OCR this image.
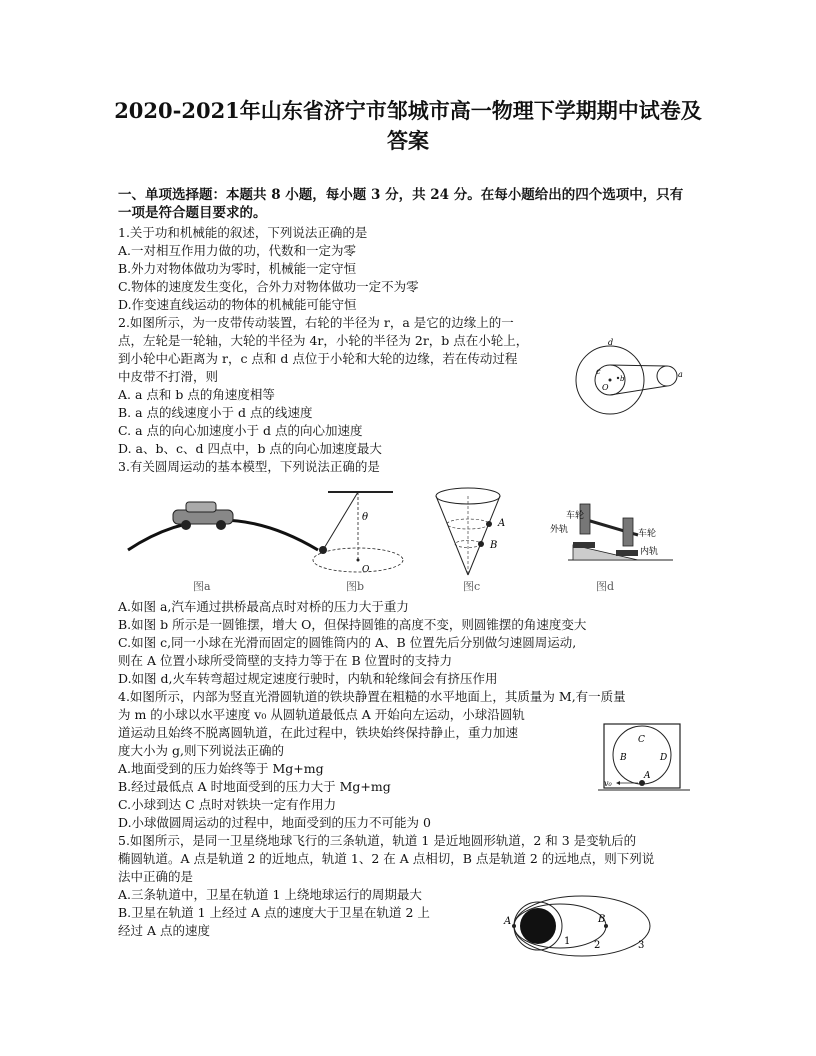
2020-2021年山东省济宁市邹城市高一物理下学期期中试卷及
答案
一、单项选择题：本题共 8 小题，每小题 3 分，共 24 分。在每小题给出的四个选项中，只有
一项是符合题目要求的。
1.关于功和机械能的叙述，下列说法正确的是
A.一对相互作用力做的功，代数和一定为零
B.外力对物体做功为零时，机械能一定守恒
C.物体的速度发生变化，合外力对物体做功一定不为零
D.作变速直线运动的物体的机械能可能守恒
2.如图所示，为一皮带传动装置，右轮的半径为 r，a 是它的边缘上的一
点，左轮是一轮轴，大轮的半径为 4r，小轮的半径为 2r，b 点在小轮上，
到小轮中心距离为 r，c 点和 d 点位于小轮和大轮的边缘，若在传动过程
中皮带不打滑，则
A. a 点和 b 点的角速度相等
B. a 点的线速度小于 d 点的线速度
C. a 点的向心加速度小于 d 点的向心加速度
D. a、b、c、d 四点中，b 点的向心加速度最大
d
c
b	a
O
3.有关圆周运动的基本模型，下列说法正确的是
图a
θ
O
图b
A
B
图c
车轮
外轨	车轮
内轨
图d
A.如图 a,汽车通过拱桥最高点时对桥的压力大于重力
B.如图 b 所示是一圆锥摆，增大 O，但保持圆锥的高度不变，则圆锥摆的角速度变大
C.如图 c,同一小球在光滑而固定的圆锥筒内的 A、B 位置先后分别做匀速圆周运动,
则在 A 位置小球所受筒壁的支持力等于在 B 位置时的支持力
D.如图 d,火车转弯超过规定速度行驶时，内轨和轮缘间会有挤压作用
4.如图所示，内部为竖直光滑圆轨道的铁块静置在粗糙的水平地面上，其质量为 M,有一质量
为 m 的小球以水平速度 v₀ 从圆轨道最低点 A 开始向左运动，小球沿圆轨
道运动且始终不脱离圆轨道，在此过程中，铁块始终保持静止，重力加速
度大小为 g,则下列说法正确的
A.地面受到的压力始终等于 Mg+mg
B.经过最低点 A 时地面受到的压力大于 Mg+mg
C.小球到达 C 点时对铁块一定有作用力
D.小球做圆周运动的过程中，地面受到的压力不可能为 0
C
B	D
A
v₀
5.如图所示，是同一卫星绕地球飞行的三条轨道，轨道 1 是近地圆形轨道，2 和 3 是变轨后的
椭圆轨道。A 点是轨道 2 的近地点，轨道 1、2 在 A 点相切，B 点是轨道 2 的远地点，则下列说
法中正确的是
A.三条轨道中，卫星在轨道 1 上绕地球运行的周期最大
B.卫星在轨道 1 上经过 A 点的速度大于卫星在轨道 2 上
经过 A 点的速度
A	B
1 2	3
